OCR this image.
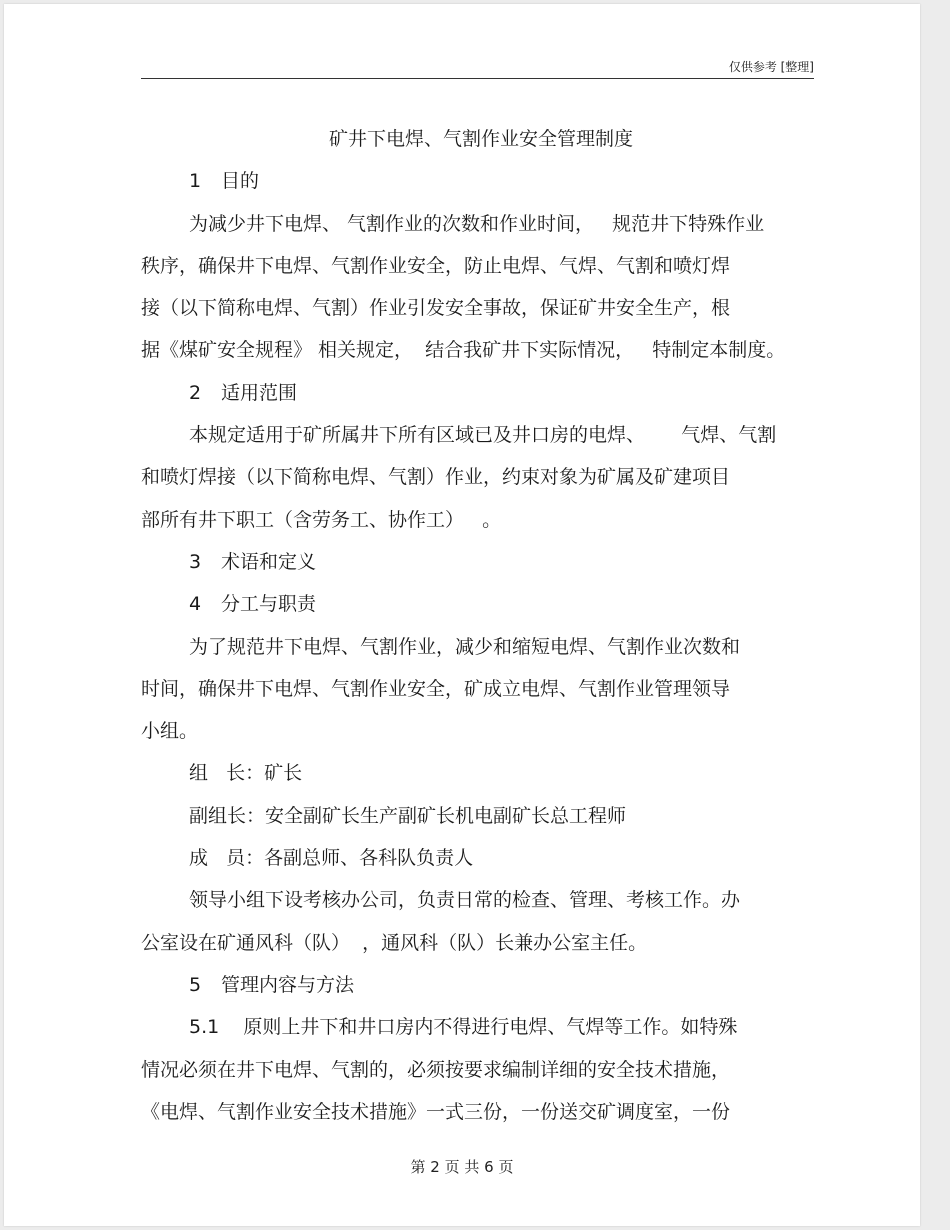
仅供参考 [整理]
矿井下电焊、气割作业安全管理制度
1 目的
为减少井下电焊、 气割作业的次数和作业时间，   规范井下特殊作业
秩序，确保井下电焊、气割作业安全，防止电焊、气焊、气割和喷灯焊
接（以下简称电焊、气割）作业引发安全事故，保证矿井安全生产，根
据《煤矿安全规程》 相关规定，  结合我矿井下实际情况，   特制定本制度。
2 适用范围
本规定适用于矿所属井下所有区域已及井口房的电焊、      气焊、气割
和喷灯焊接（以下简称电焊、气割）作业，约束对象为矿属及矿建项目
部所有井下职工（含劳务工、协作工）   。
3 术语和定义
4 分工与职责
为了规范井下电焊、气割作业，减少和缩短电焊、气割作业次数和
时间，确保井下电焊、气割作业安全，矿成立电焊、气割作业管理领导
小组。
组   长：矿长
副组长：安全副矿长生产副矿长机电副矿长总工程师
成   员：各副总师、各科队负责人
领导小组下设考核办公司，负责日常的检查、管理、考核工作。办
公室设在矿通风科（队）  ，通风科（队）长兼办公室主任。
5 管理内容与方法
5.1    原则上井下和井口房内不得进行电焊、气焊等工作。如特殊
情况必须在井下电焊、气割的，必须按要求编制详细的安全技术措施，
《电焊、气割作业安全技术措施》一式三份，一份送交矿调度室，一份
第 2 页 共 6 页
